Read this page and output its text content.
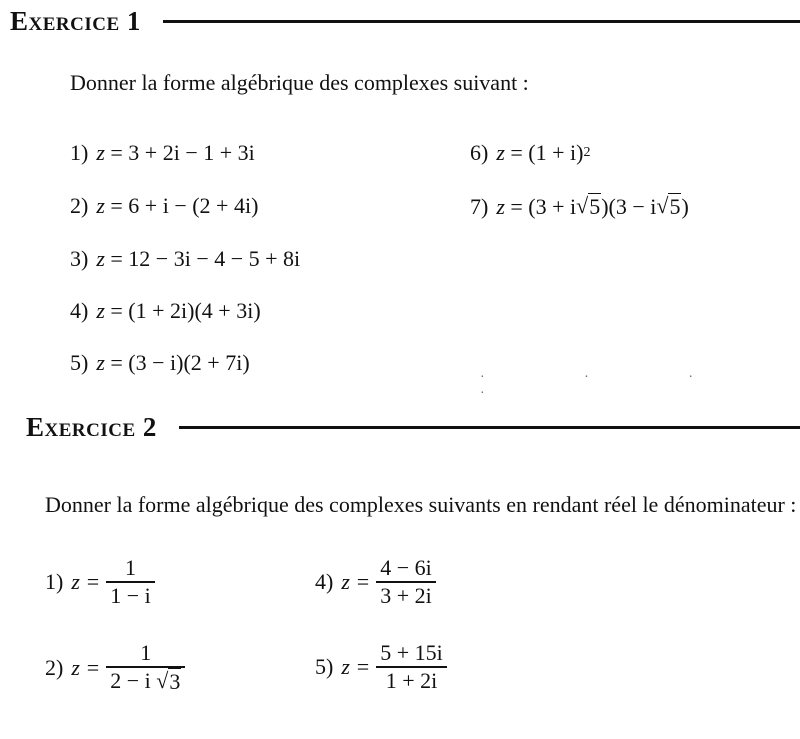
Exercice 1
Donner la forme algébrique des complexes suivant :
1) z
= 3 + 2i − 1 + 3i
2) z
= 6 + i − (2 + 4i)
3) z
= 12 − 3i − 4 − 5 + 8i
4) z
= (1 + 2i)(4 + 3i)
5) z
= (3 − i)(2 + 7i)
6) z
= (1 + i) 2
7) z
= (3 + i √ 5 )(3 − i √ 5 )
· · · ·
Exercice 2
Donner la forme algébrique des complexes suivants en rendant réel le dénominateur :
1) $z = \frac{1}{1 - i}$
2) $z = \frac{1}{2 - i √ 3}$
4) $z = \frac{4 - 6i}{3 + 2i}$
5) $z = \frac{5 + 15i}{1 + 2i}$
